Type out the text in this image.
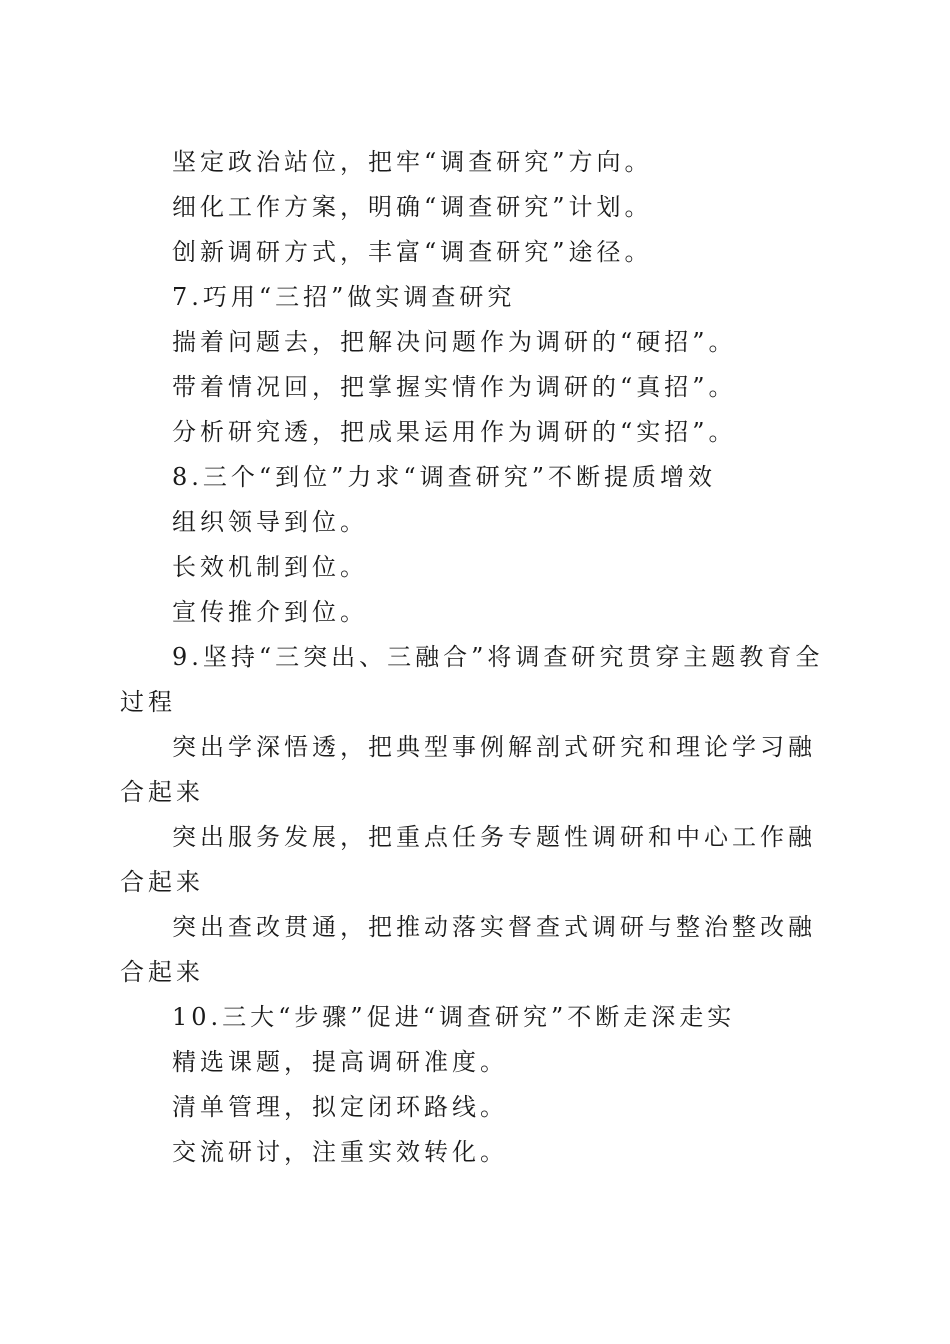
坚定政治站位，把牢“调查研究”方向。
细化工作方案，明确“调查研究”计划。
创新调研方式，丰富“调查研究”途径。
7.巧用“三招”做实调查研究
揣着问题去，把解决问题作为调研的“硬招”。
带着情况回，把掌握实情作为调研的“真招”。
分析研究透，把成果运用作为调研的“实招”。
8.三个“到位”力求“调查研究”不断提质增效
组织领导到位。
长效机制到位。
宣传推介到位。
9.坚持“三突出、三融合”将调查研究贯穿主题教育全过程
突出学深悟透，把典型事例解剖式研究和理论学习融合起来
突出服务发展，把重点任务专题性调研和中心工作融合起来
突出查改贯通，把推动落实督查式调研与整治整改融合起来
10.三大“步骤”促进“调查研究”不断走深走实
精选课题，提高调研准度。
清单管理，拟定闭环路线。
交流研讨，注重实效转化。
